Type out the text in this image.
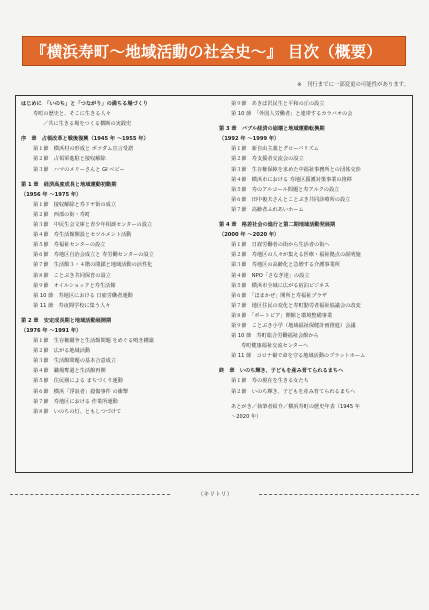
『横浜寿町～地域活動の社会史～』 目次（概要）
※　刊行までに一部変更の可能性があります。
はじめに　「いのち」と「つながり」の満ちる場づくり
寿町の歴史と、そこに生きる人々
／共に生きる場をつくる横断の実践史
序　章　占領改革と戦後復興（1945 年 ～1955 年）
第１節　横浜村の形成と ポツダム宣言受諾
第２節　占領軍進駐と接収解除
第３節　ハマのメリーさんと GI ベビー
第 1 章　経済高度成長と地域運動初動期
（1956 年 ～1975 年）
第１節　接収解除と寿ドヤ街の成立
第２節　西部の街・寿町
第３節　中民生会文庫と青少年相談センターの設立
第４節　寿生活館開設とセツルメント活動
第５節　寿福祉センターの設立
第６節　寿地区自治会成立と 寿労働センターの設立
第７節　生活館３・４階の閉鎖と地域活動の活性化
第８節　ことぶき共同保育の設立
第９節　オイルショックと寿生活館
第 10 節　寿地区における 日雇労働者運動
第 11 節　寿夜間学校に集う人々
第 2 章　安定成長期と地域活動展開期
（1976 年 ～1991 年）
第１節　生存権闘争と生活館問題 をめぐる鳴き構築
第２節　広がる地域活動
第３節　生活館問題の基本合意成立
第４節　職場奪還と生活館再開
第５節　住民層による まちづくり運動
第６節　横浜「浮浪者」殺傷事件 の衝撃
第７節　寿地区における 作業所運動
第８節　いのちの灯、ともしつづけて
第９節　あきば沢民生と平和の丘の設立
第 10 節　「外国人労働者」と連帯するカラバオの会
第 3 章　バブル経済の崩壊と地域運動転換期
（1992 年 ～1999 年）
第１節　新自由主義とグローバリズム
第２節　寿支援者交流会の設立
第３節　生存権保障を求めた中福祉事務所との団体交渉
第４節　横浜市における 寿地区援護対策事業の推移
第５節　寿のアルコール問題と寿アルクの設立
第６節　田中俊夫さんとことぶき共同診療所の設立
第７節　高齢者ふれあいホーム
第 4 章　格差社会の進行と第二期地域活動発展期
（2000 年 ～2020 年）
第１節　日雇労働者の街から生活者の街へ
第２節　寿地区の人々が集える医療・福祉拠点の説明施
第３節　寿地区の高齢化と急増する介護事業所
第４節　NPO「さなぎ達」の設立
第５節　横浜市全域に広がる宿泊ビジネス
第６節　「ほまかぜ」開所と寿福祉プラザ
第７節　地区住民の変化と寿町勤労者福祉協議会の改変
第８節　「ポートビア」開館と環境整備事業
第９節　ことぶき小学（地域福祉保健計画推進）会議
第 10 節　寿町総合労働福祉会館から
寿町健康福祉交流センターへ
第 11 節　コロナ禍で命を守る地域活動のプラットホーム
終　章　いのち輝き、子どもを産み育てられるまちへ
第１節　寿の現在を生きる女たち
第２節　いのち輝き、子どもを産み育てられるまちへ
あとがき／執筆者紹介／横浜寿町の歴史年表（1945 年
～2020 年）
（キリトリ）
